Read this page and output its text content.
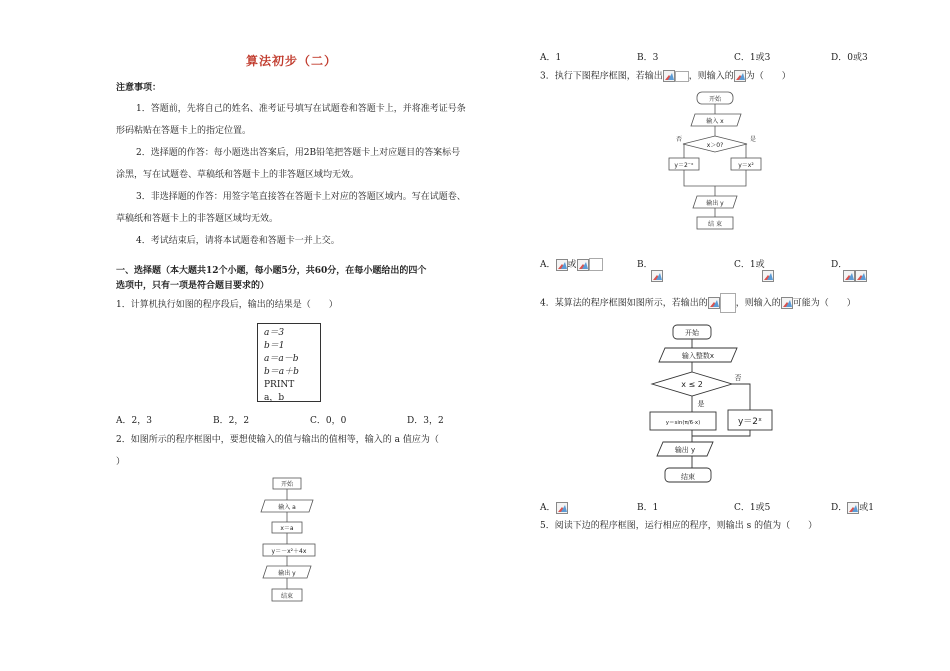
算法初步（二）
注意事项：
1．答题前，先将自己的姓名、准考证号填写在试题卷和答题卡上，并将准考证号条形码粘贴在答题卡上的指定位置。
2．选择题的作答：每小题选出答案后，用2B铅笔把答题卡上对应题目的答案标号涂黑，写在试题卷、草稿纸和答题卡上的非答题区域均无效。
3．非选择题的作答：用签字笔直接答在答题卡上对应的答题区域内。写在试题卷、草稿纸和答题卡上的非答题区域均无效。
4．考试结束后，请将本试题卷和答题卡一并上交。
一、选择题（本大题共12个小题，每小题5分，共60分，在每小题给出的四个
选项中，只有一项是符合题目要求的）
1．计算机执行如图的程序段后，输出的结果是（　　）
a＝3
b＝1
a＝a－b
b＝a＋b
PRINT　a，b
A．2，3	B．2，2	C．0，0	D．3，2
2．如图所示的程序框图中，要想使输入的值与输出的值相等，输入的 a 值应为（
）
开始
输入 a
x＝a
y＝－x²＋4x
输出 y
结束
A．1	B．3	C．1或3	D．0或3
3．执行下图程序框图，若输出	，则输入的 为（　　）
开始
输入 x
x＞0?
否	是
y＝2⁻ˣ	y＝x²
输出 y
结 束
A． 或	B．	C．1或	D．
4．某算法的程序框图如图所示，若输出的	，则输入的 可能为（　　）
开始
输入整数x
x ≤ 2
否
是
y＝sin(π/6·x)	y＝2ˣ
输出 y
结束
A．	B．1	C．1或5	D． 或1
5．阅读下边的程序框图，运行相应的程序，则输出 s 的值为（　　）
